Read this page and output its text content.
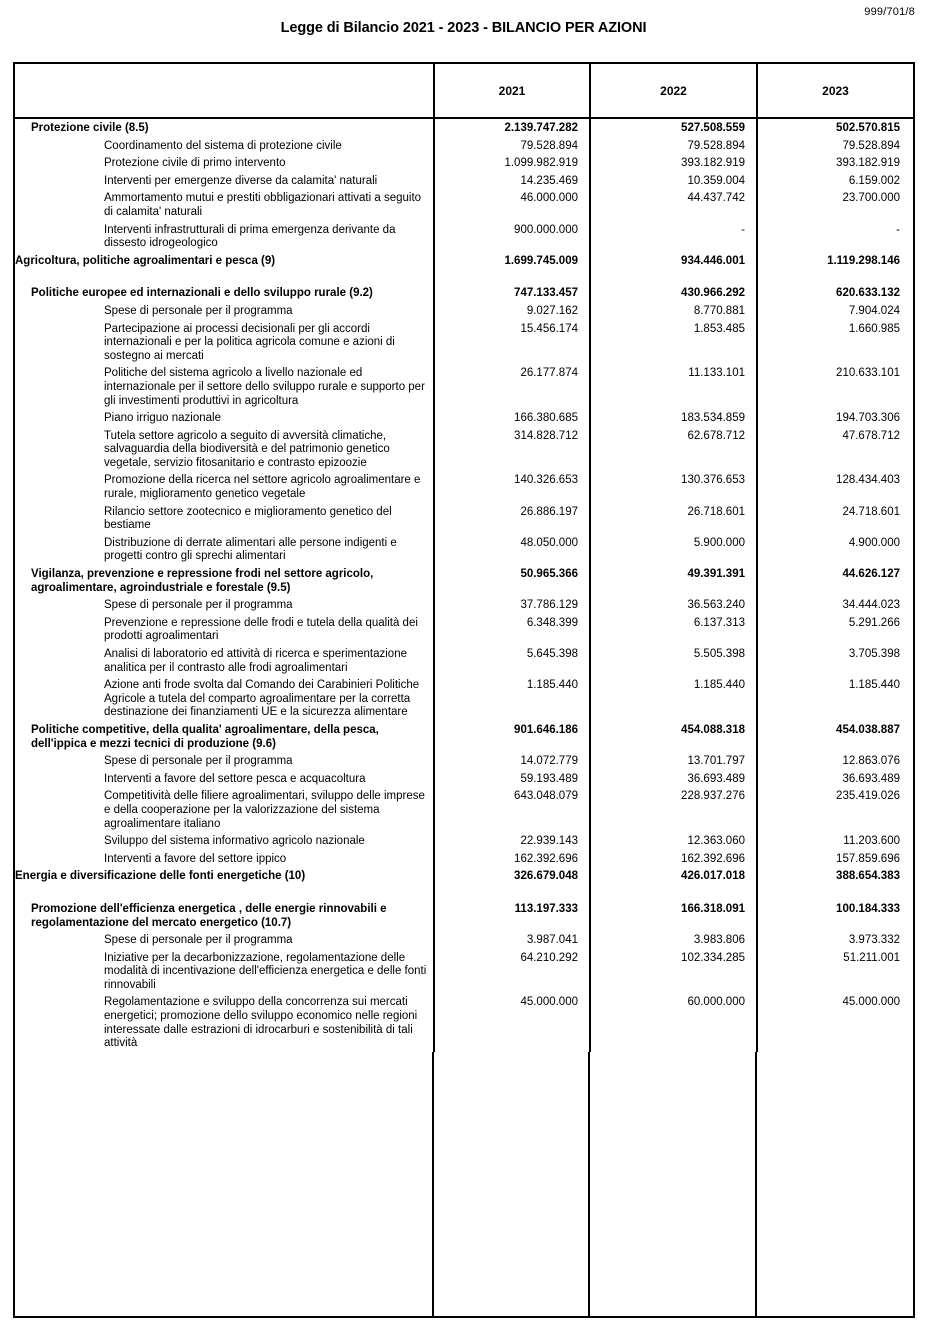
999/701/8
Legge di Bilancio 2021 - 2023 - BILANCIO PER AZIONI
	2021	2022	2023

Protezione civile (8.5)	2.139.747.282	527.508.559	502.570.815

Coordinamento del sistema di protezione civile	79.528.894	79.528.894	79.528.894

Protezione civile di primo intervento	1.099.982.919	393.182.919	393.182.919

Interventi per emergenze diverse da calamita' naturali	14.235.469	10.359.004	6.159.002

Ammortamento mutui e prestiti obbligazionari attivati a seguito di calamita' naturali	46.000.000	44.437.742	23.700.000

Interventi infrastrutturali di prima emergenza derivante da dissesto idrogeologico	900.000.000	-	-

Agricoltura, politiche agroalimentari e pesca (9)	1.699.745.009	934.446.001	1.119.298.146

Politiche europee ed internazionali e dello sviluppo rurale (9.2)	747.133.457	430.966.292	620.633.132

Spese di personale per il programma	9.027.162	8.770.881	7.904.024

Partecipazione ai processi decisionali per gli accordi internazionali e per la politica agricola comune e azioni di sostegno ai mercati	15.456.174	1.853.485	1.660.985

Politiche del sistema agricolo a livello nazionale ed internazionale per il settore dello sviluppo rurale e supporto per gli investimenti produttivi in agricoltura	26.177.874	11.133.101	210.633.101

Piano irriguo nazionale	166.380.685	183.534.859	194.703.306

Tutela settore agricolo a seguito di avversità climatiche, salvaguardia della biodiversità e del patrimonio genetico vegetale, servizio fitosanitario e contrasto epizoozie	314.828.712	62.678.712	47.678.712

Promozione della ricerca nel settore agricolo agroalimentare e rurale, miglioramento genetico vegetale	140.326.653	130.376.653	128.434.403

Rilancio settore zootecnico e miglioramento genetico del bestiame	26.886.197	26.718.601	24.718.601

Distribuzione di derrate alimentari alle persone indigenti e progetti contro gli sprechi alimentari	48.050.000	5.900.000	4.900.000

Vigilanza, prevenzione e repressione frodi nel settore agricolo, agroalimentare, agroindustriale e forestale (9.5)	50.965.366	49.391.391	44.626.127

Spese di personale per il programma	37.786.129	36.563.240	34.444.023

Prevenzione e repressione delle frodi e tutela della qualità dei prodotti agroalimentari	6.348.399	6.137.313	5.291.266

Analisi di laboratorio ed attività di ricerca e sperimentazione analitica per il contrasto alle frodi agroalimentari	5.645.398	5.505.398	3.705.398

Azione anti frode svolta dal Comando dei Carabinieri Politiche Agricole a tutela del comparto agroalimentare per la corretta destinazione dei finanziamenti UE e la sicurezza alimentare	1.185.440	1.185.440	1.185.440

Politiche competitive, della qualita' agroalimentare, della pesca, dell'ippica e mezzi tecnici di produzione (9.6)	901.646.186	454.088.318	454.038.887

Spese di personale per il programma	14.072.779	13.701.797	12.863.076

Interventi a favore del settore pesca e acquacoltura	59.193.489	36.693.489	36.693.489

Competitività delle filiere agroalimentari, sviluppo delle imprese e della cooperazione per la valorizzazione del sistema agroalimentare italiano	643.048.079	228.937.276	235.419.026

Sviluppo del sistema informativo agricolo nazionale	22.939.143	12.363.060	11.203.600

Interventi a favore del settore ippico	162.392.696	162.392.696	157.859.696

Energia e diversificazione delle fonti energetiche (10)	326.679.048	426.017.018	388.654.383

Promozione dell'efficienza energetica , delle energie rinnovabili e regolamentazione del mercato energetico (10.7)	113.197.333	166.318.091	100.184.333

Spese di personale per il programma	3.987.041	3.983.806	3.973.332

Iniziative per la decarbonizzazione, regolamentazione delle modalità di incentivazione dell'efficienza energetica e delle fonti rinnovabili	64.210.292	102.334.285	51.211.001

Regolamentazione e sviluppo della concorrenza sui mercati energetici; promozione dello sviluppo economico nelle regioni interessate dalle estrazioni di idrocarburi e sostenibilità di tali attività	45.000.000	60.000.000	45.000.000
